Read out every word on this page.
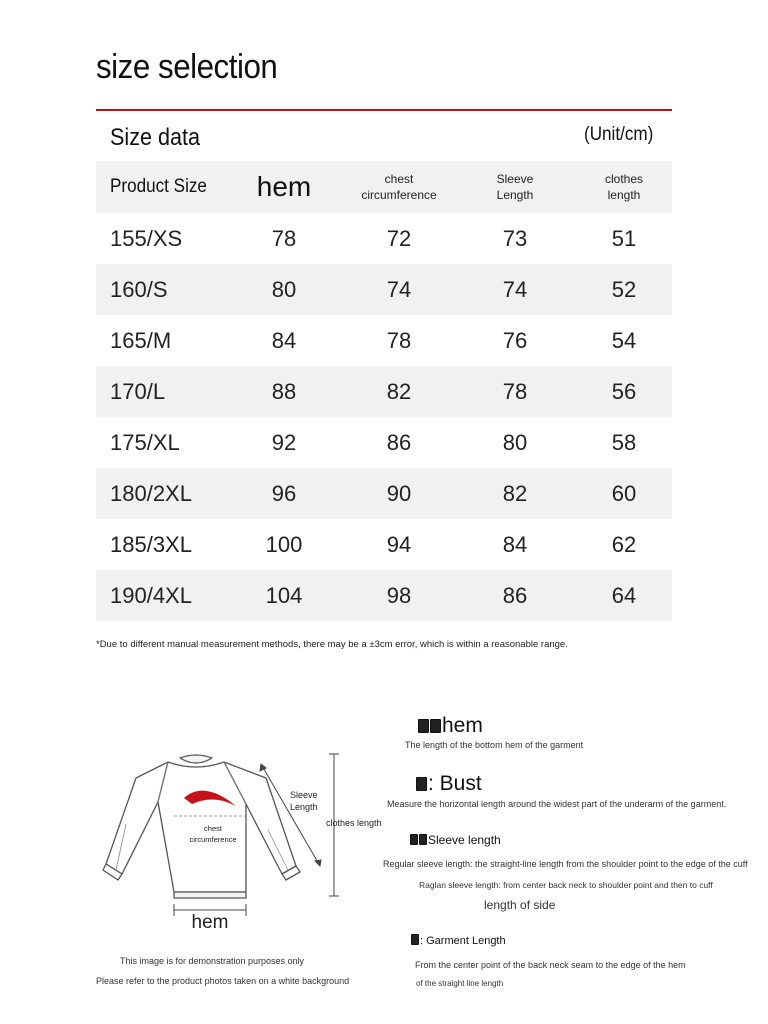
size selection
Size data	(Unit/cm)
Product Size	hem	chest circumference	Sleeve Length	clothes length
155/XS	78	72	73	51
160/S	80	74	74	52
165/M	84	78	76	54
170/L	88	82	78	56
175/XL	92	86	80	58
180/2XL	96	90	82	60
185/3XL	100	94	84	62
190/4XL	104	98	86	64
*Due to different manual measurement methods, there may be a ±3cm error, which is within a reasonable range.
Sleeve
Length
chest
circumference
clothes length
hem
This image is for demonstration purposes only
Please refer to the product photos taken on a white background
hem
The length of the bottom hem of the garment
: Bust
Measure the horizontal length around the widest part of the underarm of the garment.
Sleeve length
Regular sleeve length: the straight-line length from the shoulder point to the edge of the cuff
Raglan sleeve length: from center back neck to shoulder point and then to cuff
length of side
: Garment Length
From the center point of the back neck seam to the edge of the hem
of the straight line length
